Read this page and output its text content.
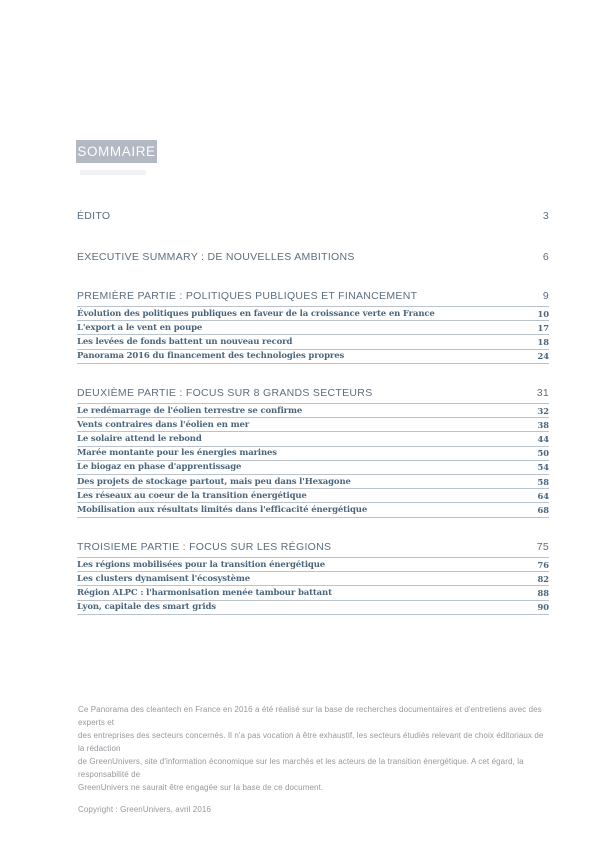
SOMMAIRE
ÉDITO	3
EXECUTIVE SUMMARY : DE NOUVELLES AMBITIONS	6
PREMIÈRE PARTIE : POLITIQUES PUBLIQUES ET FINANCEMENT	9
Évolution des politiques publiques en faveur de la croissance verte en France	10
L'export a le vent en poupe	17
Les levées de fonds battent un nouveau record	18
Panorama 2016 du financement des technologies propres	24
DEUXIÈME PARTIE : FOCUS SUR 8 GRANDS SECTEURS	31
Le redémarrage de l'éolien terrestre se confirme	32
Vents contraires dans l'éolien en mer	38
Le solaire attend le rebond	44
Marée montante pour les énergies marines	50
Le biogaz en phase d'apprentissage	54
Des projets de stockage partout, mais peu dans l'Hexagone	58
Les réseaux au coeur de la transition énergétique	64
Mobilisation aux résultats limités dans l'efficacité énergétique	68
TROISIEME PARTIE : FOCUS SUR LES RÉGIONS	75
Les régions mobilisées pour la transition énergétique	76
Les clusters dynamisent l'écosystème	82
Région ALPC : l'harmonisation menée tambour battant	88
Lyon, capitale des smart grids	90
Ce Panorama des cleantech en France en 2016 a été réalisé sur la base de recherches documentaires et d'entretiens avec des experts et
des entreprises des secteurs concernés. Il n'a pas vocation à être exhaustif, les secteurs étudiés relevant de choix éditoriaux de la rédaction
de GreenUnivers, site d'information économique sur les marchés et les acteurs de la transition énergétique. A cet égard, la responsabilité de
GreenUnivers ne saurait être engagée sur la base de ce document.
Copyright : GreenUnivers, avril 2016
